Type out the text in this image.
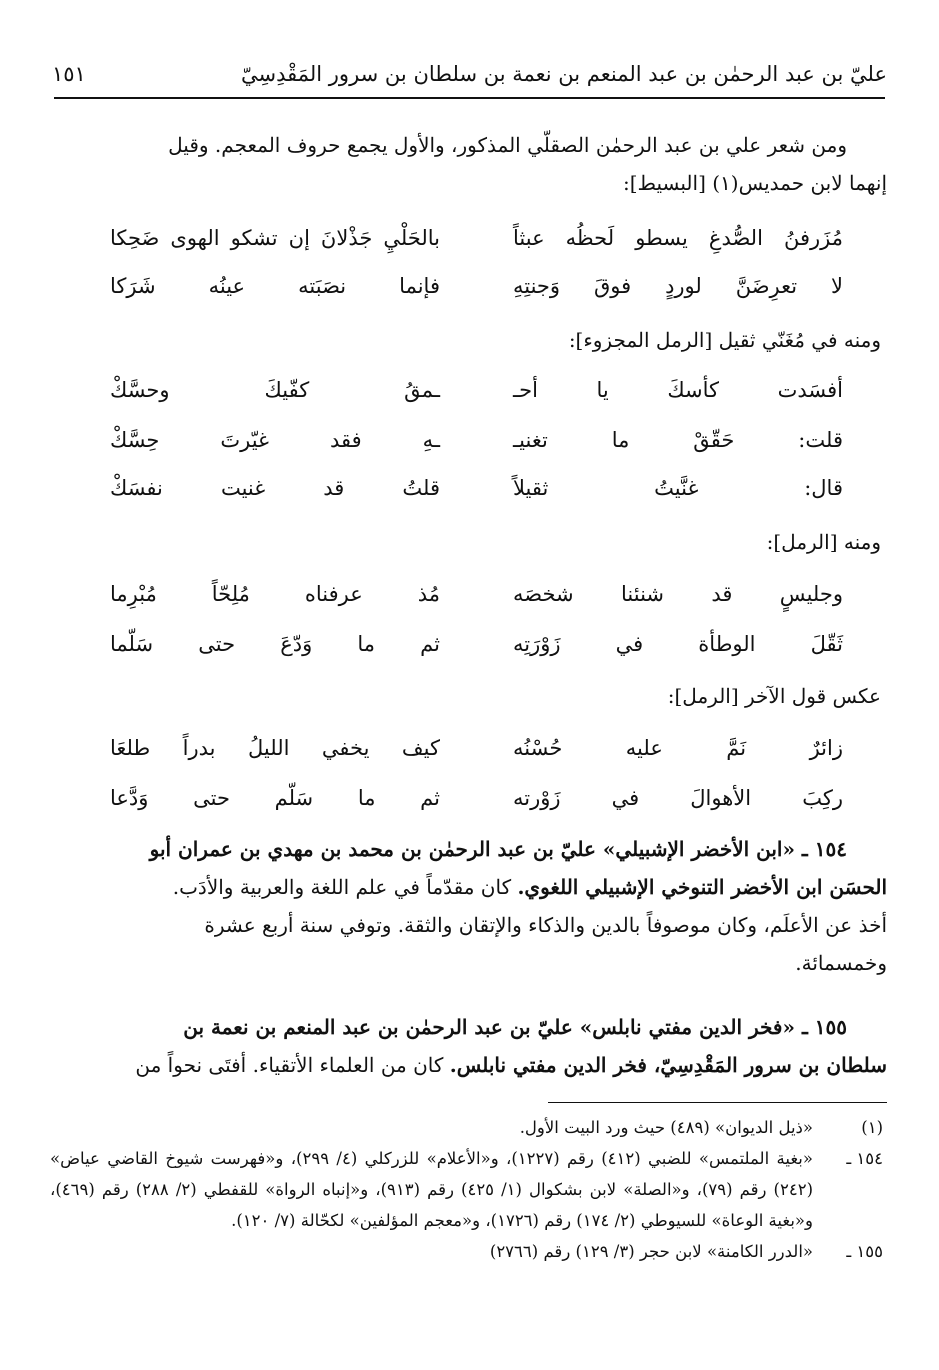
عليّ بن عبد الرحمٰن بن عبد المنعم بن نعمة بن سلطان بن سرور المَقْدِسِيّ
١٥١
ومن شعر علي بن عبد الرحمٰن الصقلّي المذكور، والأول يجمع حروف المعجم. وقيل
إنهما لابن حمديس(١) [البسيط]:
مُزَرفنُ الصُّدغِ يسطو لَحظُه عبثاً
بالحَلْيِ جَذْلانَ إن تشكو الهوى ضَحِكا
لا تعرِضَنَّ لوردٍ فوقَ وَجنتِهِ
فإنما نصَبَته عينُه شَرَكا
ومنه في مُغَنّي ثقيل [الرمل المجزوء]:
أفسَدت كأسكَ يا أحـ
ـمقُ كفّيكَ وحسَّكْ
قلت: حَقّقْ ما تغنيـ
ـهِ فقد غيّرتَ حِسَّكْ
قال: غنَّيتُ ثقيلاً
قلتُ قد غنيت نفسَكْ
ومنه [الرمل]:
وجليسٍ قد شنئنا شخصَه
مُذ عرفناه مُلِحّاً مُبْرِما
ثَقّلَ الوطأة في زَوْرَتِه
ثم ما وَدّعَ حتى سَلّما
عكس قول الآخر [الرمل]:
زائرٌ نَمَّ عليه حُسْنُه
كيف يخفي الليلُ بدراً طلعَا
ركِبَ الأهوالَ في زَوْرته
ثم ما سَلّم حتى وَدَّعا
١٥٤ ـ «ابن الأخضر الإشبيلي» عليّ بن عبد الرحمٰن بن محمد بن مهدي بن عمران أبو
الحسَن ابن الأخضر التنوخي الإشبيلي اللغوي. كان مقدّماً في علم اللغة والعربية والأدَب.
أخذ عن الأعلَم، وكان موصوفاً بالدين والذكاء والإتقان والثقة. وتوفي سنة أربع عشرة
وخمسمائة.
١٥٥ ـ «فخر الدين مفتي نابلس» عليّ بن عبد الرحمٰن بن عبد المنعم بن نعمة بن
سلطان بن سرور المَقْدِسِيّ، فخر الدين مفتي نابلس. كان من العلماء الأتقياء. أفتَى نحواً من
(١)
«ذيل الديوان» (٤٨٩) حيث ورد البيت الأول.
١٥٤ ـ
«بغية الملتمس» للضبي (٤١٢) رقم (١٢٢٧)، و«الأعلام» للزركلي (٤/ ٢٩٩)، و«فهرست شيوخ القاضي عياض» (٢٤٢) رقم (٧٩)، و«الصلة» لابن بشكوال (١/ ٤٢٥) رقم (٩١٣)، و«إنباه الرواة» للقفطي (٢/ ٢٨٨) رقم (٤٦٩)، و«بغية الوعاة» للسيوطي (٢/ ١٧٤) رقم (١٧٢٦)، و«معجم المؤلفين» لكحّالة (٧/ ١٢٠).
١٥٥ ـ
«الدرر الكامنة» لابن حجر (٣/ ١٢٩) رقم (٢٧٦٦)
